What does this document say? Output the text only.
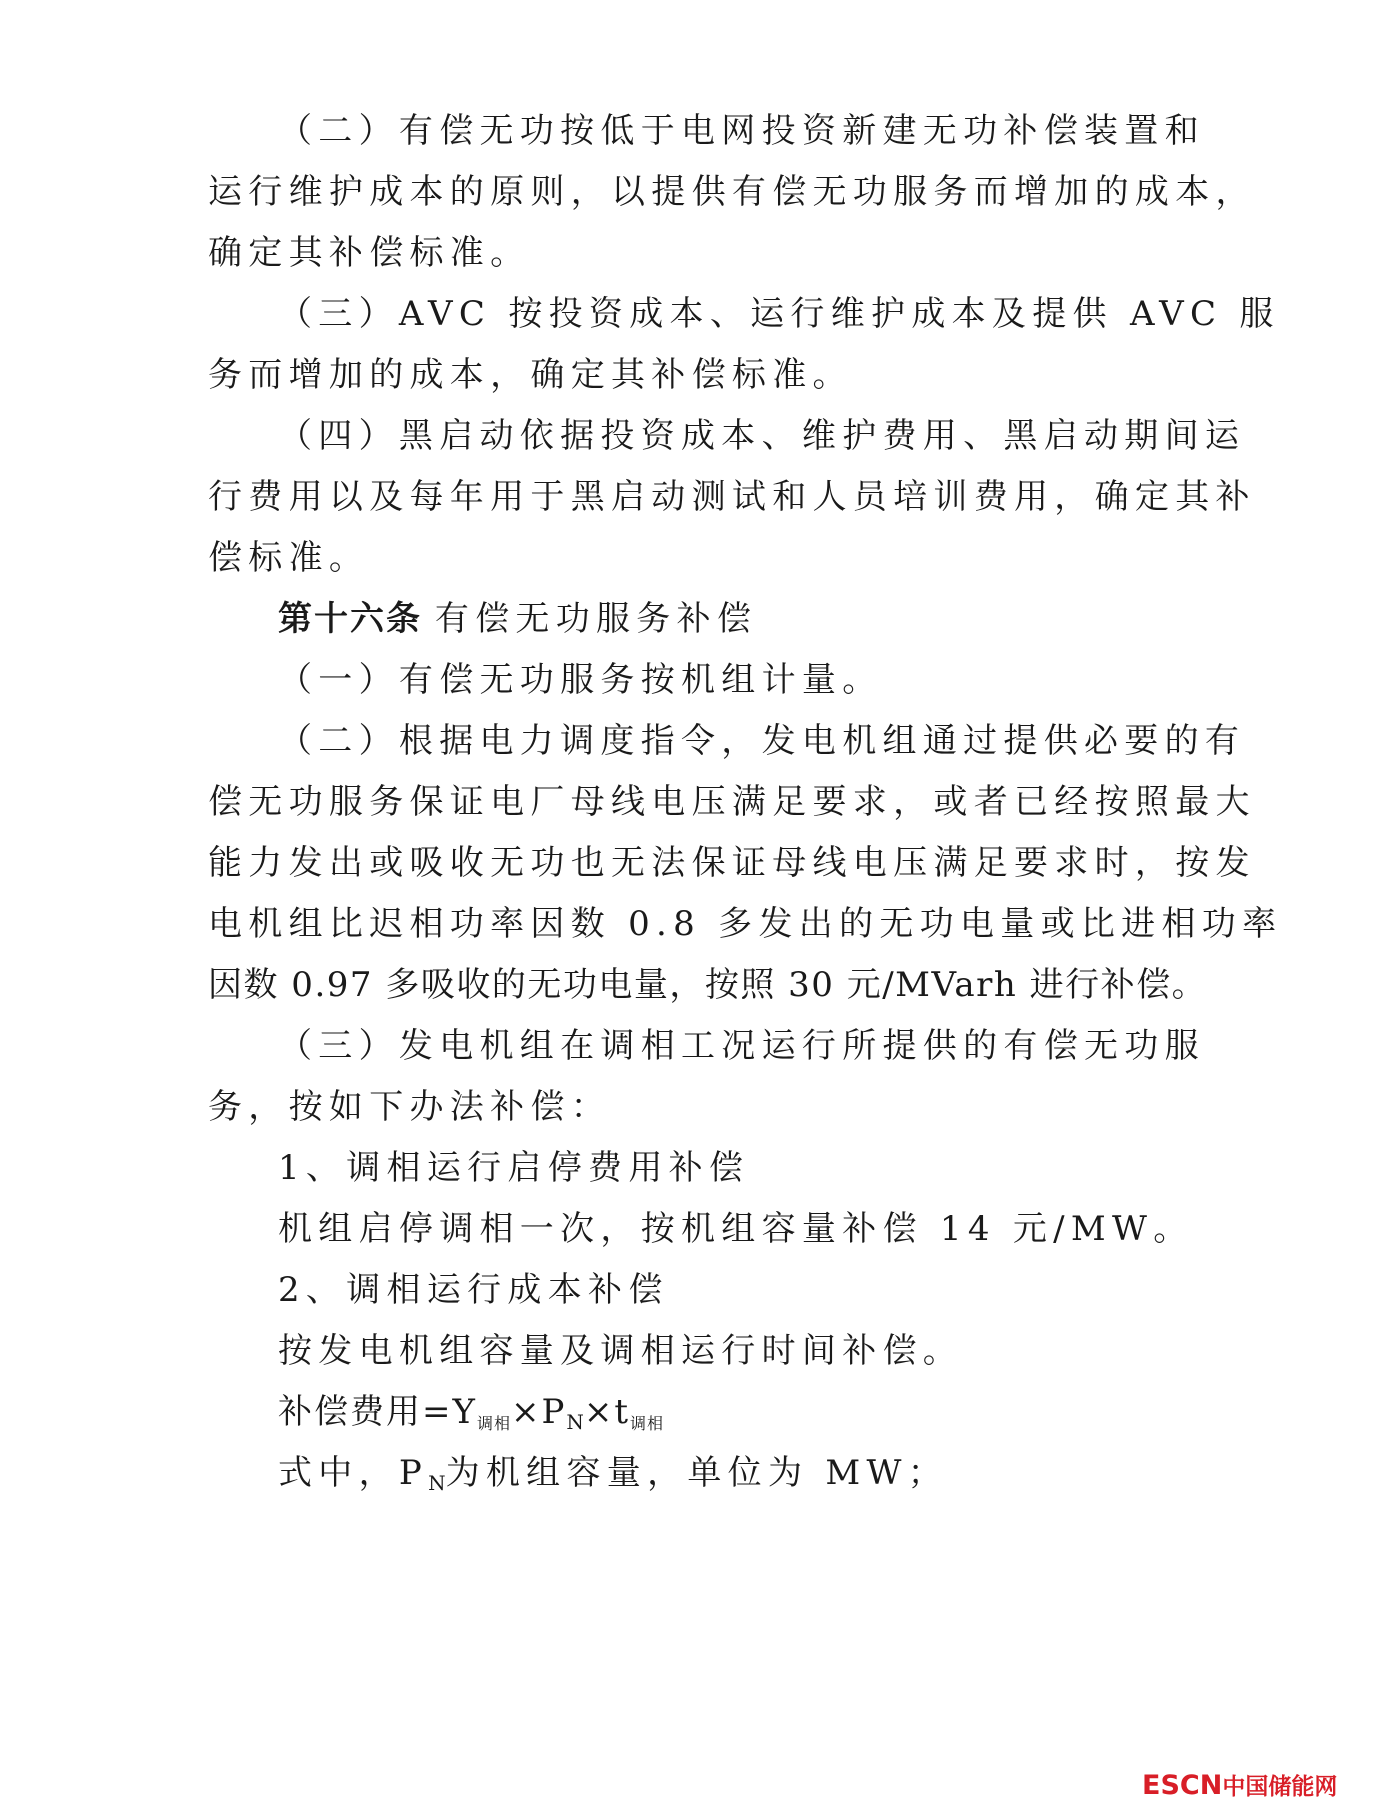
（二）有偿无功按低于电网投资新建无功补偿装置和
运行维护成本的原则，以提供有偿无功服务而增加的成本，
确定其补偿标准。
（三）AVC 按投资成本、运行维护成本及提供 AVC 服
务而增加的成本，确定其补偿标准。
（四）黑启动依据投资成本、维护费用、黑启动期间运
行费用以及每年用于黑启动测试和人员培训费用，确定其补
偿标准。
第十六条 有偿无功服务补偿
（一）有偿无功服务按机组计量。
（二）根据电力调度指令，发电机组通过提供必要的有
偿无功服务保证电厂母线电压满足要求，或者已经按照最大
能力发出或吸收无功也无法保证母线电压满足要求时，按发
电机组比迟相功率因数 0.8 多发出的无功电量或比进相功率
因数 0.97 多吸收的无功电量，按照 30 元/MVarh 进行补偿。
（三）发电机组在调相工况运行所提供的有偿无功服
务，按如下办法补偿：
1、调相运行启停费用补偿
机组启停调相一次，按机组容量补偿 14 元/MW。
2、调相运行成本补偿
按发电机组容量及调相运行时间补偿。
补偿费用=Y调相×PN×t调相
式中，PN为机组容量，单位为 MW；
ESCN中国储能网
